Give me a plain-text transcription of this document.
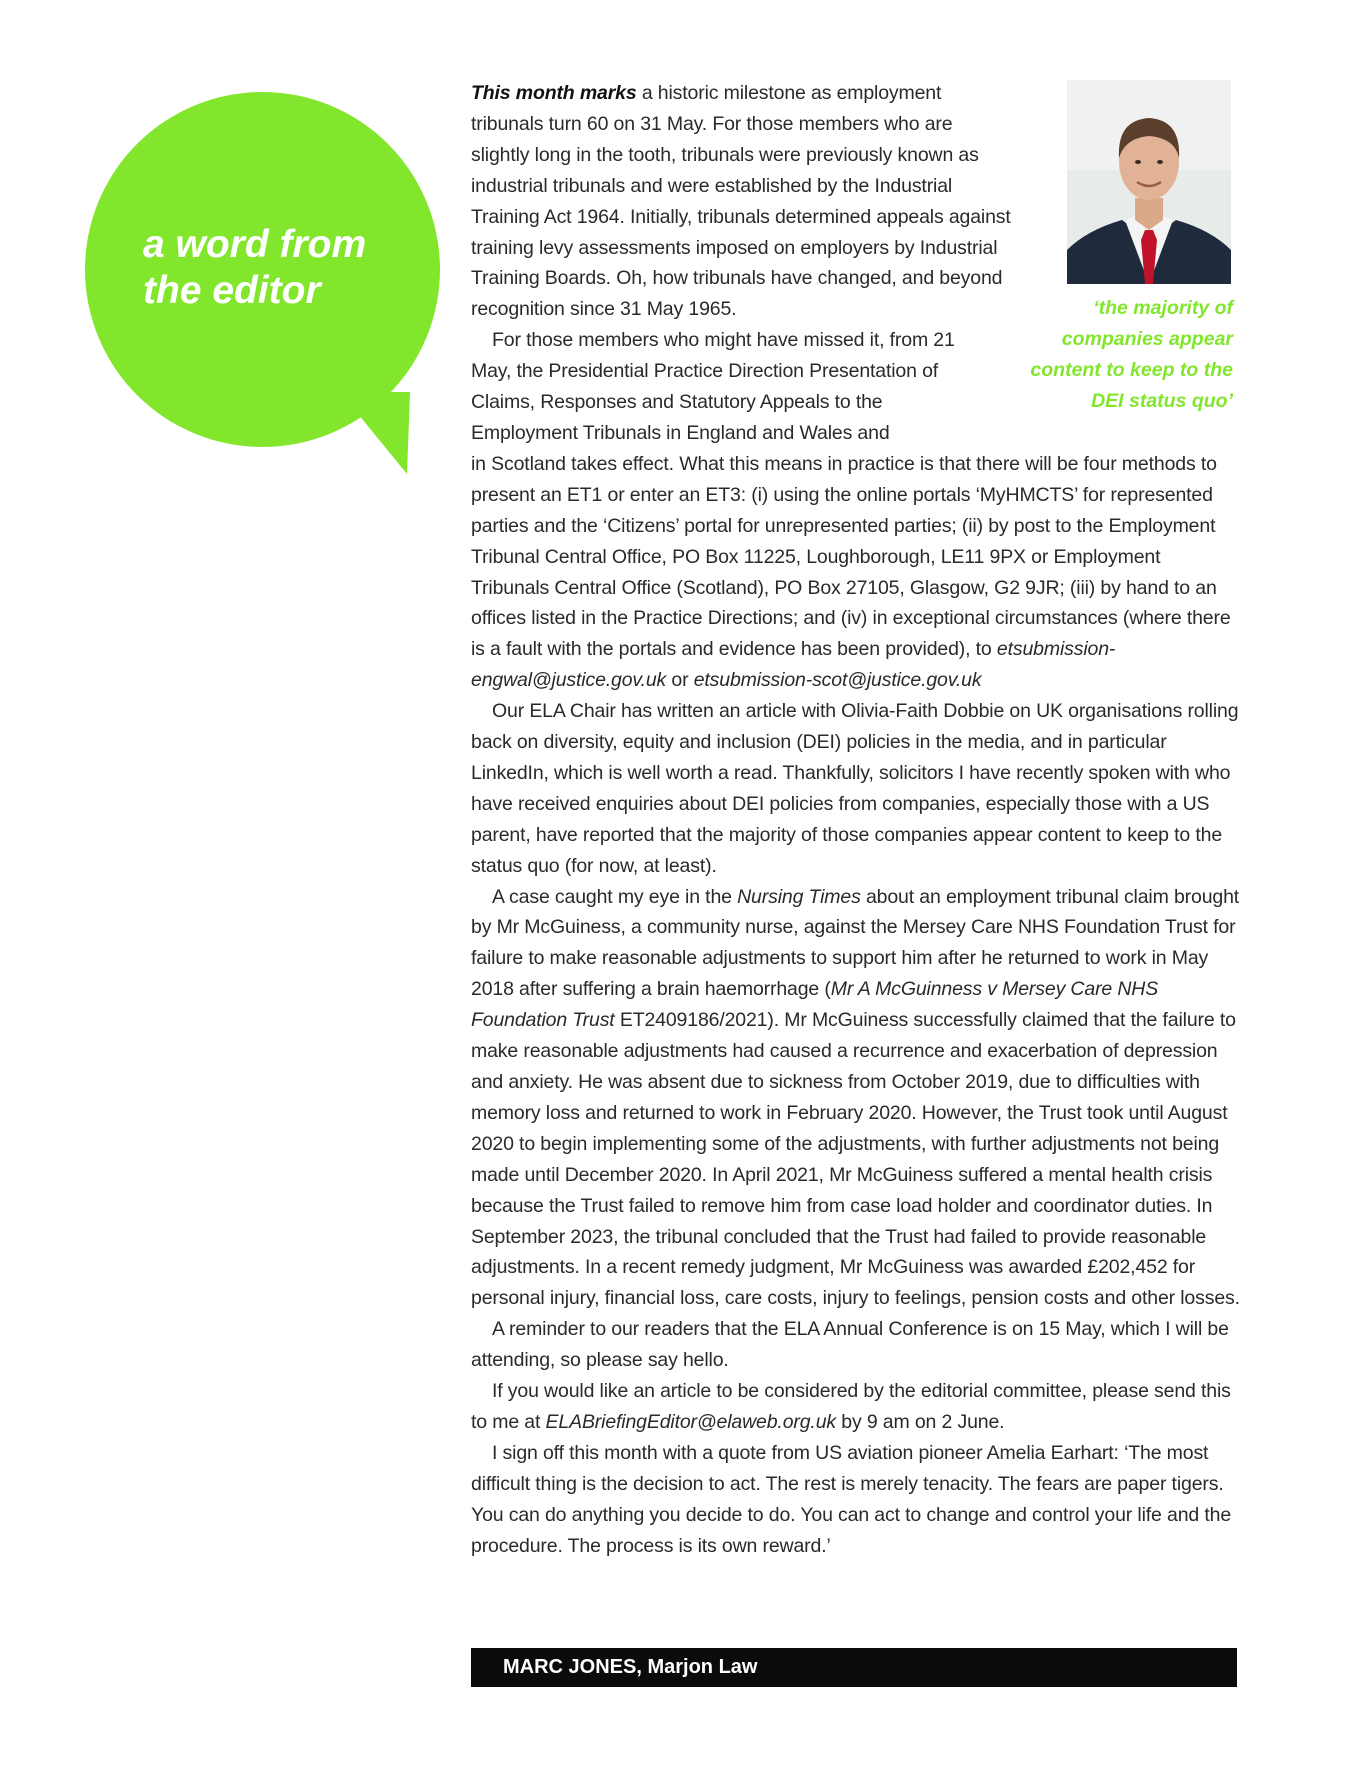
a word from
the editor	‘the majority of
companies appear
content to keep to the
DEI status quo’

This month marks a historic milestone as employment tribunals turn 60 on 31 May. For those members who are slightly long in the tooth, tribunals were previously known as industrial tribunals and were established by the Industrial Training Act 1964. Initially, tribunals determined appeals against training levy assessments imposed on employers by Industrial Training Boards. Oh, how tribunals have changed, and beyond recognition since 31 May 1965.

For those members who might have missed it, from 21 May, the Presidential Practice Direction Presentation of Claims, Responses and Statutory Appeals to the Employment Tribunals in England and Wales and
in Scotland takes effect. What this means in practice is that there will be four methods to present an ET1 or enter an ET3: (i) using the online portals ‘MyHMCTS’ for represented parties and the ‘Citizens’ portal for unrepresented parties; (ii) by post to the Employment Tribunal Central Office, PO Box 11225, Loughborough, LE11 9PX or Employment Tribunals Central Office (Scotland), PO Box 27105, Glasgow, G2 9JR; (iii) by hand to an offices listed in the Practice Directions; and (iv) in exceptional circumstances (where there is a fault with the portals and evidence has been provided), to etsubmission-engwal@justice.gov.uk or etsubmission-scot@justice.gov.uk

Our ELA Chair has written an article with Olivia-Faith Dobbie on UK organisations rolling back on diversity, equity and inclusion (DEI) policies in the media, and in particular LinkedIn, which is well worth a read. Thankfully, solicitors I have recently spoken with who have received enquiries about DEI policies from companies, especially those with a US parent, have reported that the majority of those companies appear content to keep to the status quo (for now, at least).

A case caught my eye in the Nursing Times about an employment tribunal claim brought by Mr McGuiness, a community nurse, against the Mersey Care NHS Foundation Trust for failure to make reasonable adjustments to support him after he returned to work in May 2018 after suffering a brain haemorrhage (Mr A McGuinness v Mersey Care NHS Foundation Trust ET2409186/2021). Mr McGuiness successfully claimed that the failure to make reasonable adjustments had caused a recurrence and exacerbation of depression and anxiety. He was absent due to sickness from October 2019, due to difficulties with memory loss and returned to work in February 2020. However, the Trust took until August 2020 to begin implementing some of the adjustments, with further adjustments not being made until December 2020. In April 2021, Mr McGuiness suffered a mental health crisis because the Trust failed to remove him from case load holder and coordinator duties. In September 2023, the tribunal concluded that the Trust had failed to provide reasonable adjustments. In a recent remedy judgment, Mr McGuiness was awarded £202,452 for personal injury, financial loss, care costs, injury to feelings, pension costs and other losses.

A reminder to our readers that the ELA Annual Conference is on 15 May, which I will be attending, so please say hello.

If you would like an article to be considered by the editorial committee, please send this to me at ELABriefingEditor@elaweb.org.uk by 9 am on 2 June.

I sign off this month with a quote from US aviation pioneer Amelia Earhart: ‘The most difficult thing is the decision to act. The rest is merely tenacity. The fears are paper tigers. You can do anything you decide to do. You can act to change and control your life and the procedure. The process is its own reward.’

MARC JONES, Marjon Law
